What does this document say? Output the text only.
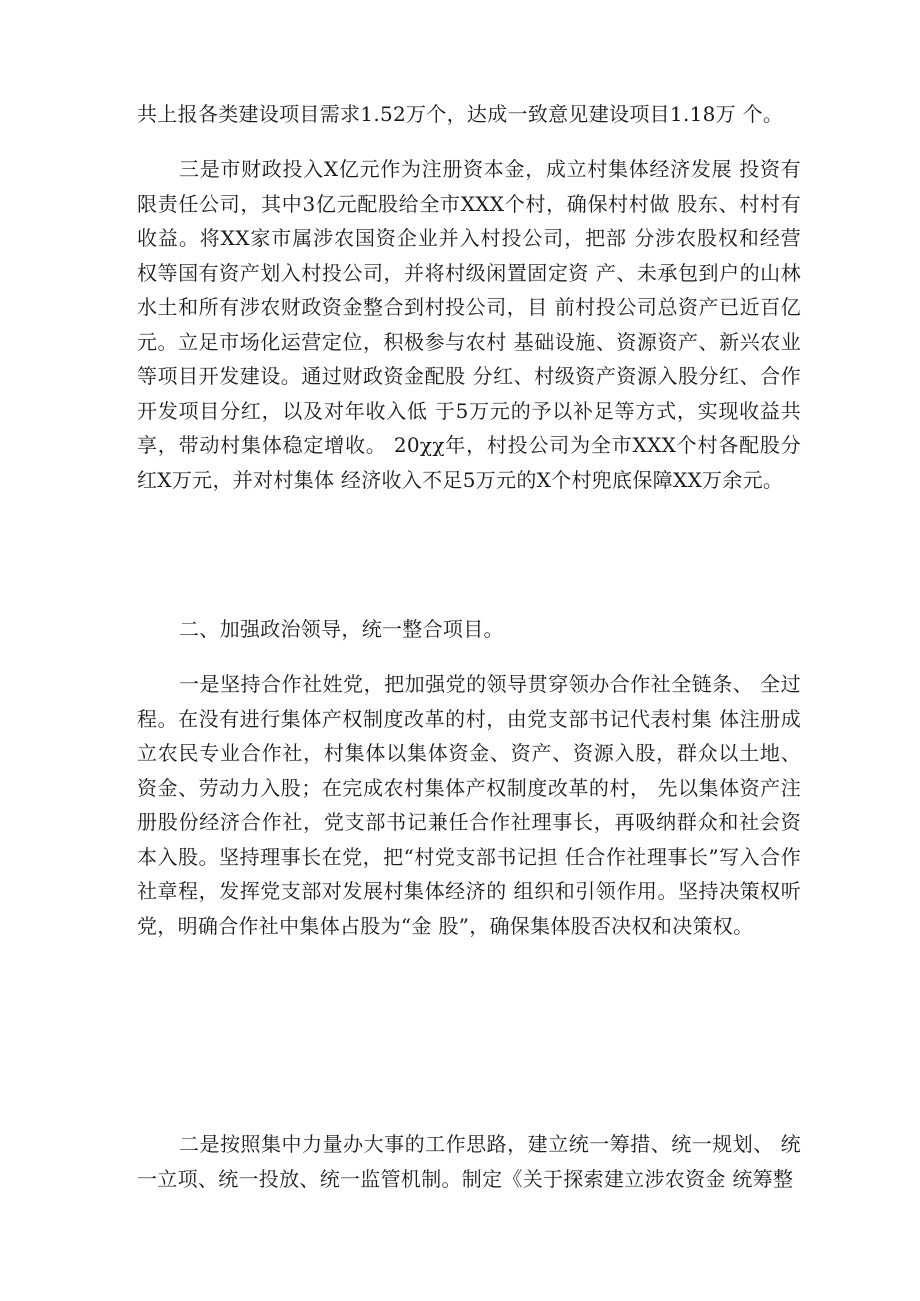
共上报各类建设项目需求1.52万个，达成一致意见建设项目1.18万 个。

三是市财政投入X亿元作为注册资本金，成立村集体经济发展 投资有限责任公司，其中3亿元配股给全市XXX个村，确保村村做 股东、村村有收益。将XX家市属涉农国资企业并入村投公司，把部 分涉农股权和经营权等国有资产划入村投公司，并将村级闲置固定资 产、未承包到户的山林水土和所有涉农财政资金整合到村投公司，目 前村投公司总资产已近百亿元。立足市场化运营定位，积极参与农村 基础设施、资源资产、新兴农业等项目开发建设。通过财政资金配股 分红、村级资产资源入股分红、合作开发项目分红，以及对年收入低 于5万元的予以补足等方式，实现收益共享，带动村集体稳定增收。 20χχ年，村投公司为全市XXX个村各配股分红X万元，并对村集体 经济收入不足5万元的X个村兜底保障XX万余元。

二、加强政治领导，统一整合项目。

一是坚持合作社姓党，把加强党的领导贯穿领办合作社全链条、 全过程。在没有进行集体产权制度改革的村，由党支部书记代表村集 体注册成立农民专业合作社，村集体以集体资金、资产、资源入股，群众以土地、资金、劳动力入股；在完成农村集体产权制度改革的村， 先以集体资产注册股份经济合作社，党支部书记兼任合作社理事长，再吸纳群众和社会资本入股。坚持理事长在党，把“村党支部书记担 任合作社理事长”写入合作社章程，发挥党支部对发展村集体经济的 组织和引领作用。坚持决策权听党，明确合作社中集体占股为“金 股”，确保集体股否决权和决策权。

二是按照集中力量办大事的工作思路，建立统一筹措、统一规划、 统一立项、统一投放、统一监管机制。制定《关于探索建立涉农资金 统筹整
